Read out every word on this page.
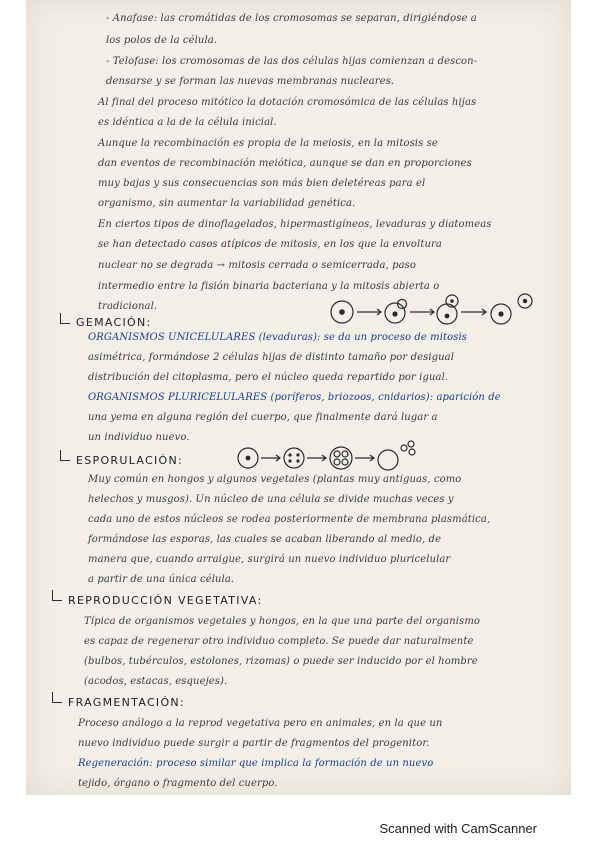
- Anafase: las cromátidas de los cromosomas se separan, dirigiéndose a
los polos de la célula.
- Telofase: los cromosomas de las dos células hijas comienzan a descon-
densarse y se forman las nuevas membranas nucleares.
Al final del proceso mitótico la dotación cromosómica de las células hijas
es idéntica a la de la célula inicial.
Aunque la recombinación es propia de la meiosis, en la mitosis se
dan eventos de recombinación meiótica, aunque se dan en proporciones
muy bajas y sus consecuencias son más bien deletéreas para el
organismo, sin aumentar la variabilidad genética.
En ciertos tipos de dinoflagelados, hipermastigíneos, levaduras y diatomeas
se han detectado casos atípicos de mitosis, en los que la envoltura
nuclear no se degrada → mitosis cerrada o semicerrada, paso
intermedio entre la fisión binaria bacteriana y la mitosis abierta o
tradicional.
GEMACIÓN:
ORGANISMOS UNICELULARES (levaduras): se da un proceso de mitosis
asimétrica, formándose 2 células hijas de distinto tamaño por desigual
distribución del citoplasma, pero el núcleo queda repartido por igual.
ORGANISMOS PLURICELULARES (poríferos, briozoos, cnidarios): aparición de
una yema en alguna región del cuerpo, que finalmente dará lugar a
un individuo nuevo.
ESPORULACIÓN:
Muy común en hongos y algunos vegetales (plantas muy antiguas, como
helechos y musgos). Un núcleo de una célula se divide muchas veces y
cada uno de estos núcleos se rodea posteriormente de membrana plasmática,
formándose las esporas, las cuales se acaban liberando al medio, de
manera que, cuando arraigue, surgirá un nuevo individuo pluricelular
a partir de una única célula.
REPRODUCCIÓN VEGETATIVA:
Típica de organismos vegetales y hongos, en la que una parte del organismo
es capaz de regenerar otro individuo completo. Se puede dar naturalmente
(bulbos, tubérculos, estolones, rizomas) o puede ser inducido por el hombre
(acodos, estacas, esquejes).
FRAGMENTACIÓN:
Proceso análogo a la reprod vegetativa pero en animales, en la que un
nuevo individuo puede surgir a partir de fragmentos del progenitor.
Regeneración: proceso similar que implica la formación de un nuevo
tejido, órgano o fragmento del cuerpo.
Scanned with CamScanner
